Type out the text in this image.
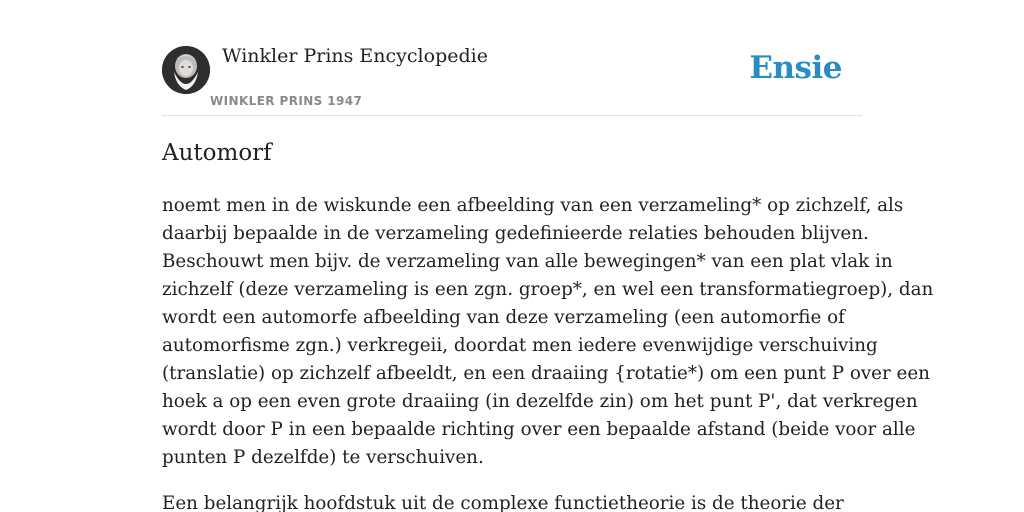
Winkler Prins Encyclopedie
WINKLER PRINS 1947
Ensie
Automorf

noemt men in de wiskunde een afbeelding van een verzameling* op zichzelf, als
daarbij bepaalde in de verzameling gedefinieerde relaties behouden blijven.
Beschouwt men bijv. de verzameling van alle bewegingen* van een plat vlak in
zichzelf (deze verzameling is een zgn. groep*, en wel een transformatiegroep), dan
wordt een automorfe afbeelding van deze verzameling (een automorfie of
automorfisme zgn.) verkregeii, doordat men iedere evenwijdige verschuiving
(translatie) op zichzelf afbeeldt, en een draaiing {rotatie*) om een punt P over een
hoek a op een even grote draaiing (in dezelfde zin) om het punt P', dat verkregen
wordt door P in een bepaalde richting over een bepaalde afstand (beide voor alle
punten P dezelfde) te verschuiven.

Een belangrijk hoofdstuk uit de complexe functietheorie is de theorie der
